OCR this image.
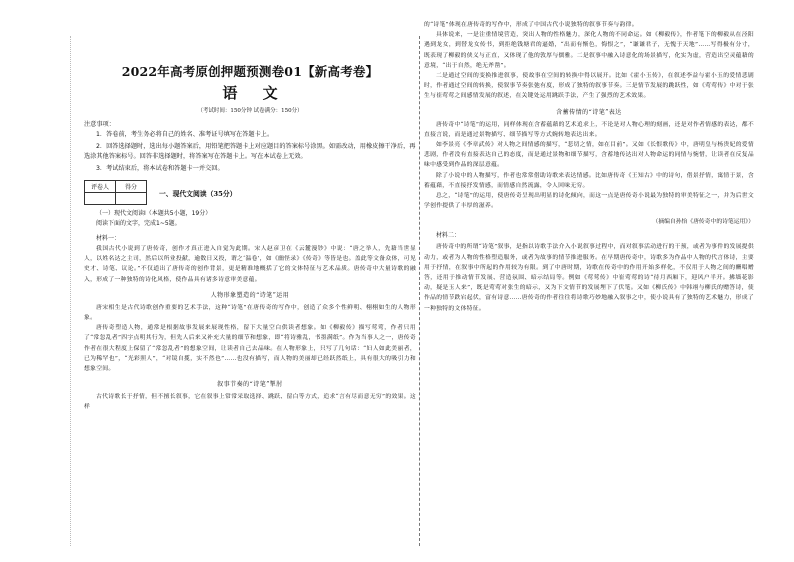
2022年高考原创押题预测卷01【新高考卷】
语 文
（考试时间：150分钟 试卷满分：150分）
注意事项：

1．答卷前，考生务必将自己的姓名、准考证号填写在答题卡上。

2．回答选择题时，选出每小题答案后，用铅笔把答题卡上对应题目的答案标号涂黑。如需改动，用橡皮擦干净后，再选涂其他答案标号。回答非选择题时，将答案写在答题卡上。写在本试卷上无效。

3．考试结束后，将本试卷和答题卡一并交回。

评卷人	得分

一、现代文阅读（35分）

（一）现代文阅读Ⅰ（本题共5小题，19分）

阅读下面的文字，完成1~5题。

材料一：

我国古代小说到了唐传奇，创作才真正进入自觉为此期。宋人赵彦卫在《云麓漫钞》中说：“唐之举人，先藉当世显人，以姓名达之主司，然后以所业投献，逾数日又投，谓之‘温卷’，如《幽怪录》《传奇》等皆是也。盖此等文备众体，可见史才、诗笔、议论。”不仅道出了唐传奇的创作背景，更是精准地概括了它的文体特征与艺术品质。唐传奇中大量诗歌的融入，形成了一种独特的诗化风格，使作品具有诸多诗意审美意蕴。

人物形象塑造的“诗笔”运用

唐宋相生是古代诗歌创作重要的艺术手法，这种“诗笔”在唐传奇的写作中，创造了众多个性鲜明、栩栩如生的人物形象。

唐传奇塑造人物，通常是根据故事发展来展现性格，留下大量空白供读者想象。如《柳毅传》描写莺莺，作者只用了“常忽乱者”四字点明其行为，但先人后来又补充大量的细节和想象，即“将诗雅乱，书墨满纸”。作为当事人之一，唐传奇作者在很大程度上保留了“常忽乱者”的想象空间，让读者自己去品味。在人物形象上，只写了几句话：“妇人如此美丽者，已为稀罕也”，“光彩照人”，“对镜自揽，实不然也”……也没有描写，而人物的美丽却已经跃然纸上，具有很大的吸引力和想象空间。

叙事节奏的“诗笔”掣肘

古代诗歌长于抒情，但不擅长叙事，它在叙事上常常采取选择、跳跃、留白等方式，追求“言有尽而意无穷”的效果。这样

的“诗笔”体现在唐传奇的写作中，形成了中国古代小说独特的叙事节奏与韵律。

具体说来，一是注重情境营造，突出人物的性格魅力，深化人物的不同命运。如《柳毅传》，作者笔下的柳毅从在泾阳遇到龙女，到替龙女传书，到拒绝钱塘君的逼婚，“出而有惭色，悔恨之”，“谦谦君子，无愧于天地”……写得极有分寸，既表现了柳毅的侠义与正直，又体现了他的敦厚与儒雅。二是叙事中融入诗意化的场景描写，化实为虚，营造出空灵蕴藉的意境，“出于自然，绝无斧凿”。

二是通过空间的变换推进叙事，使故事在空间的转换中得以展开。比如《霍小玉传》，在叙述李益与霍小玉的爱情悲剧时，作者通过空间的转换，使叙事节奏张弛有度，形成了独特的叙事节奏。三是情节发展的跳跃性，如《莺莺传》中对于张生与崔莺莺之间感情发展的叙述，在关键处运用跳跃手法，产生了强烈的艺术效果。

含蓄传情的“诗笔”表达

唐传奇中“诗笔”的运用，同样体现在含蓄蕴藉的艺术追求上，不论是对人物心理的刻画，还是对作者情感的表达，都不直接言说，而是通过景物描写、细节描写等方式婉转地表达出来。

如李景亮《李章武传》对人物之间情感的描写，“悲切之情，如在目前”。又如《长恨歌传》中，唐明皇与杨贵妃的爱情悲剧，作者没有直接表达自己的态度，而是通过景物和细节描写，含蓄地传达出对人物命运的同情与惋惜，让读者在反复品味中感受到作品的深层意蕴。

除了小说中的人物描写，作者也常常借助诗歌来表达情感。比如唐传奇《王知古》中的诗句，借景抒情，寓情于景，含蓄蕴藉，不直接抒发情感，而情感自然流露，令人回味无穷。

总之，“诗笔”的运用，使唐传奇呈现出明显的诗化倾向，而这一点是唐传奇小说最为独特的审美特征之一，并为后世文学创作提供了丰厚的滋养。

（摘编自孙怡《唐传奇中的诗笔运用》）
材料二：

唐传奇中的所谓“诗笔”叙事，是指以诗歌手法介入小说叙事过程中，而对叙事活动进行的干预，或者为事件的发展提供动力，或者为人物的性格塑造服务，或者为故事的情节推进服务。在早期唐传奇中，诗歌多为作品中人物的代言体诗，主要用于抒情，在叙事中所起的作用较为有限。到了中唐时期，诗歌在传奇中的作用开始多样化，不仅用于人物之间的酬唱赠答，还用于推动情节发展、营造氛围、暗示结局等。例如《莺莺传》中崔莺莺的诗“待月西厢下，迎风户半开。拂墙花影动，疑是玉人来”，既是莺莺对张生的暗示，又为下文情节的发展埋下了伏笔。又如《柳氏传》中韩翊与柳氏的赠答诗，使作品的情节跌宕起伏，富有诗意……唐传奇的作者往往将诗歌巧妙地融入叙事之中，使小说具有了独特的艺术魅力，形成了一种独特的文体特征。
